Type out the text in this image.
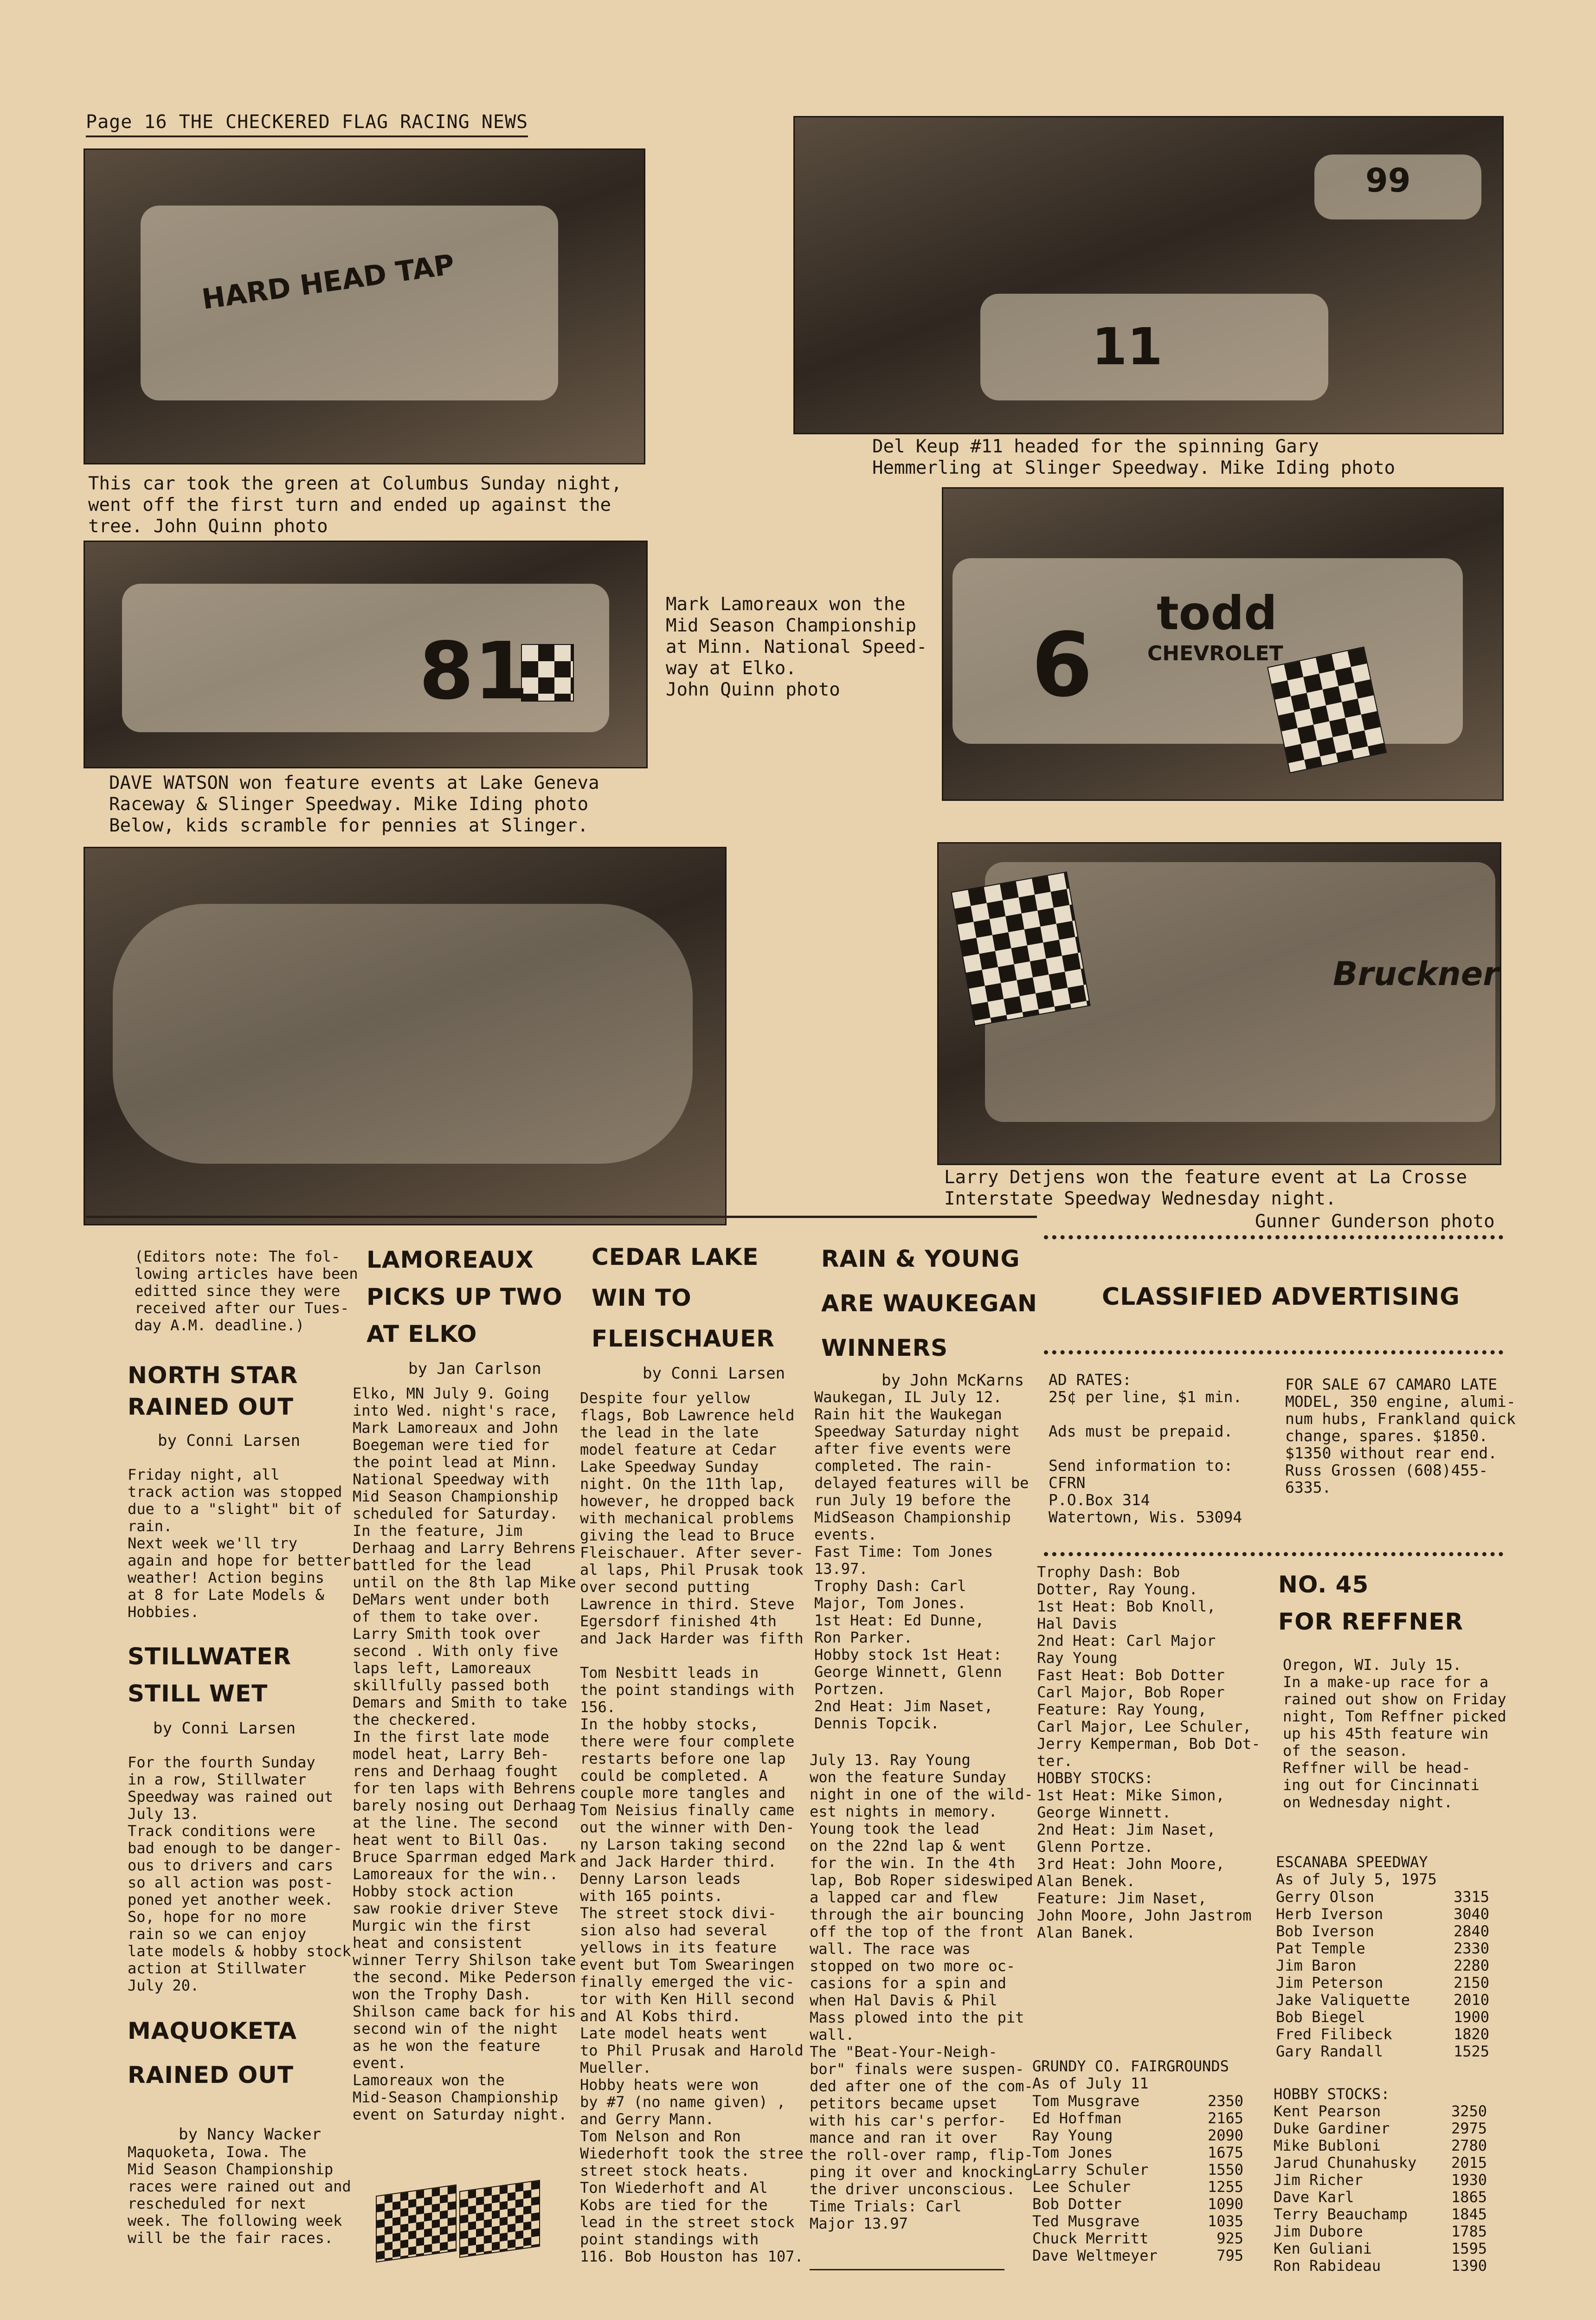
Page 16 THE CHECKERED FLAG RACING NEWS
HARD HEAD TAP
This car took the green at Columbus Sunday night,
went off the first turn and ended up against the
tree. John Quinn photo
99
11
Del Keup #11 headed for the spinning Gary
Hemmerling at Slinger Speedway. Mike Iding photo
81
DAVE WATSON won feature events at Lake Geneva
Raceway & Slinger Speedway. Mike Iding photo
Below, kids scramble for pennies at Slinger.
Mark Lamoreaux won the
Mid Season Championship
at Minn. National Speed-
way at Elko.
John Quinn photo
todd
CHEVROLET
6
Bruckner
Larry Detjens won the feature event at La Crosse
Interstate Speedway Wednesday night.
Gunner Gunderson photo
(Editors note: The fol-
lowing articles have been
editted since they were
received after our Tues-
day A.M. deadline.)
NORTH STAR
RAINED OUT
by Conni Larsen
Friday night, all
track action was stopped
due to a "slight" bit of
rain.
Next week we'll try
again and hope for better
weather! Action begins
at 8 for Late Models &
Hobbies.
STILLWATER
STILL WET
by Conni Larsen
For the fourth Sunday
in a row, Stillwater
Speedway was rained out
July 13.
Track conditions were
bad enough to be danger-
ous to drivers and cars
so all action was post-
poned yet another week.
So, hope for no more
rain so we can enjoy
late models & hobby stock
action at Stillwater
July 20.
MAQUOKETA
RAINED OUT
by Nancy Wacker
Maquoketa, Iowa. The
Mid Season Championship
races were rained out and
rescheduled for next
week. The following week
will be the fair races.
LAMOREAUX
PICKS UP TWO
AT ELKO
by Jan Carlson
Elko, MN July 9. Going
into Wed. night's race,
Mark Lamoreaux and John
Boegeman were tied for
the point lead at Minn.
National Speedway with
Mid Season Championship
scheduled for Saturday.
In the feature, Jim
Derhaag and Larry Behrens
battled for the lead
until on the 8th lap Mike
DeMars went under both
of them to take over.
Larry Smith took over
second . With only five
laps left, Lamoreaux
skillfully passed both
Demars and Smith to take
the checkered.
In the first late mode
model heat, Larry Beh-
rens and Derhaag fought
for ten laps with Behrens
barely nosing out Derhaag
at the line. The second
heat went to Bill Oas.
Bruce Sparrman edged Mark
Lamoreaux for the win..
Hobby stock action
saw rookie driver Steve
Murgic win the first
heat and consistent
winner Terry Shilson take
the second. Mike Pederson
won the Trophy Dash.
Shilson came back for his
second win of the night
as he won the feature
event.
Lamoreaux won the
Mid-Season Championship
event on Saturday night.
CEDAR LAKE
WIN TO
FLEISCHAUER
by Conni Larsen
Despite four yellow
flags, Bob Lawrence held
the lead in the late
model feature at Cedar
Lake Speedway Sunday
night. On the 11th lap,
however, he dropped back
with mechanical problems
giving the lead to Bruce
Fleischauer. After sever-
al laps, Phil Prusak took
over second putting
Lawrence in third. Steve
Egersdorf finished 4th
and Jack Harder was fifth

Tom Nesbitt leads in
the point standings with
156.
In the hobby stocks,
there were four complete
restarts before one lap
could be completed. A
couple more tangles and
Tom Neisius finally came
out the winner with Den-
ny Larson taking second
and Jack Harder third.
Denny Larson leads
with 165 points.
The street stock divi-
sion also had several
yellows in its feature
event but Tom Swearingen
finally emerged the vic-
tor with Ken Hill second
and Al Kobs third.
Late model heats went
to Phil Prusak and Harold
Mueller.
Hobby heats were won
by #7 (no name given) ,
and Gerry Mann.
Tom Nelson and Ron
Wiederhoft took the stree
street stock heats.
Ton Wiederhoft and Al
Kobs are tied for the
lead in the street stock
point standings with
116. Bob Houston has 107.
RAIN & YOUNG
ARE WAUKEGAN
WINNERS
by John McKarns
Waukegan, IL July 12.
Rain hit the Waukegan
Speedway Saturday night
after five events were
completed. The rain-
delayed features will be
run July 19 before the
MidSeason Championship
events.
Fast Time: Tom Jones
13.97.
Trophy Dash: Carl
Major, Tom Jones.
1st Heat: Ed Dunne,
Ron Parker.
Hobby stock 1st Heat:
George Winnett, Glenn
Portzen.
2nd Heat: Jim Naset,
Dennis Topcik.
July 13. Ray Young
won the feature Sunday
night in one of the wild-
est nights in memory.
Young took the lead
on the 22nd lap & went
for the win. In the 4th
lap, Bob Roper sideswiped
a lapped car and flew
through the air bouncing
off the top of the front
wall. The race was
stopped on two more oc-
casions for a spin and
when Hal Davis & Phil
Mass plowed into the pit
wall.
The "Beat-Your-Neigh-
bor" finals were suspen-
ded after one of the com-
petitors became upset
with his car's perfor-
mance and ran it over
the roll-over ramp, flip-
ping it over and knocking
the driver unconscious.
Time Trials: Carl
Major 13.97
CLASSIFIED ADVERTISING
AD RATES:
25¢ per line, $1 min.

Ads must be prepaid.

Send information to:
CFRN
P.O.Box 314
Watertown, Wis. 53094
FOR SALE 67 CAMARO LATE
MODEL, 350 engine, alumi-
num hubs, Frankland quick
change, spares. $1850.
$1350 without rear end.
Russ Grossen (608)455-
6335.
Trophy Dash: Bob
Dotter, Ray Young.
1st Heat: Bob Knoll,
Hal Davis
2nd Heat: Carl Major
Ray Young
Fast Heat: Bob Dotter
Carl Major, Bob Roper
Feature: Ray Young,
Carl Major, Lee Schuler,
Jerry Kemperman, Bob Dot-
ter.
HOBBY STOCKS:
1st Heat: Mike Simon,
George Winnett.
2nd Heat: Jim Naset,
Glenn Portze.
3rd Heat: John Moore,
Alan Benek.
Feature: Jim Naset,
John Moore, John Jastrom
Alan Banek.
GRUNDY CO. FAIRGROUNDS
As of July 11
Tom Musgrave	2350
Ed Hoffman	2165
Ray Young	2090
Tom Jones	1675
Larry Schuler	1550
Lee Schuler	1255
Bob Dotter	1090
Ted Musgrave	1035
Chuck Merritt	925
Dave Weltmeyer	795
NO. 45
FOR REFFNER
Oregon, WI. July 15.
In a make-up race for a
rained out show on Friday
night, Tom Reffner picked
up his 45th feature win
of the season.
Reffner will be head-
ing out for Cincinnati
on Wednesday night.
ESCANABA SPEEDWAY
As of July 5, 1975
Gerry Olson	3315
Herb Iverson	3040
Bob Iverson	2840
Pat Temple	2330
Jim Baron	2280
Jim Peterson	2150
Jake Valiquette	2010
Bob Biegel	1900
Fred Filibeck	1820
Gary Randall	1525
HOBBY STOCKS:
Kent Pearson	3250
Duke Gardiner	2975
Mike Bubloni	2780
Jarud Chunahusky 2015
Jim Richer	1930
Dave Karl	1865
Terry Beauchamp	1845
Jim Dubore	1785
Ken Guliani	1595
Ron Rabideau	1390
